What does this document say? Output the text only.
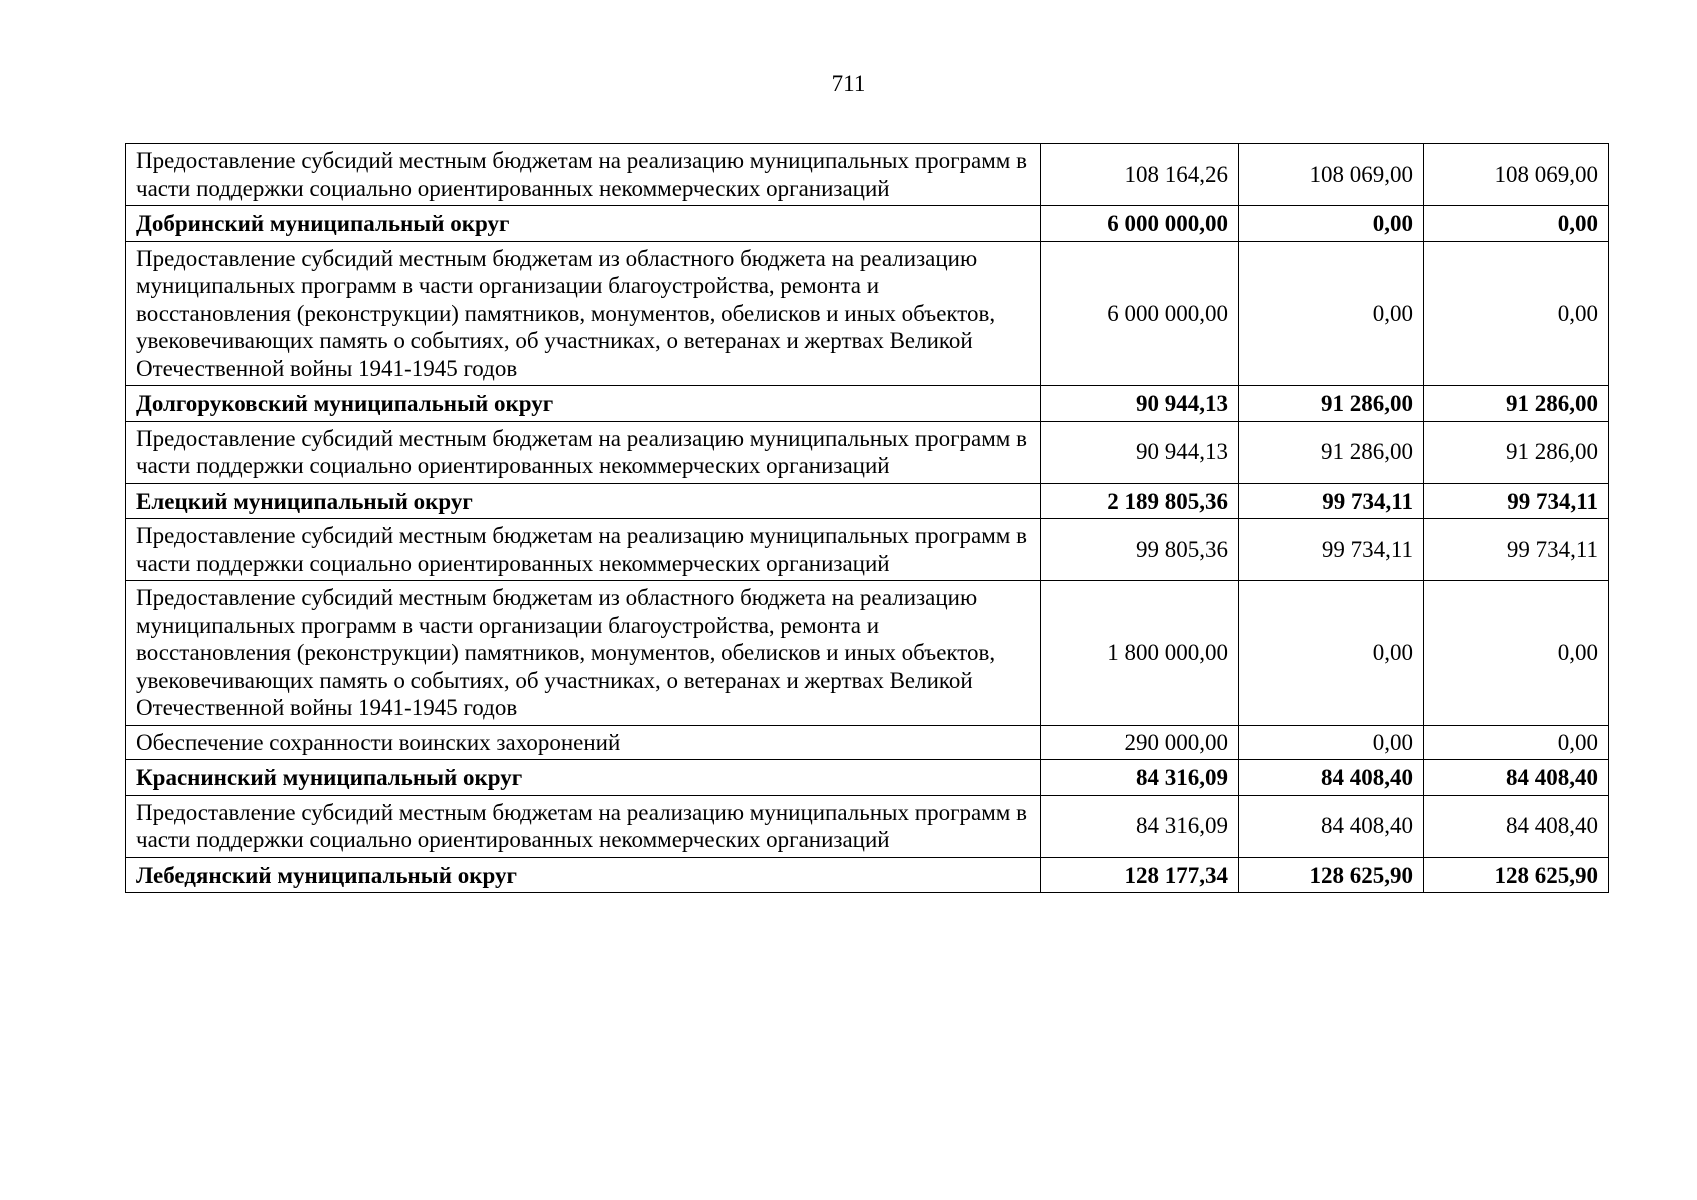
711
Предоставление субсидий местным бюджетам на реализацию муниципальных программ в части поддержки социально ориентированных некоммерческих организаций	108 164,26	108 069,00	108 069,00
Добринский муниципальный округ	6 000 000,00	0,00	0,00
Предоставление субсидий местным бюджетам из областного бюджета на реализацию муниципальных программ в части организации благоустройства, ремонта и восстановления (реконструкции) памятников, монументов, обелисков и иных объектов, увековечивающих память о событиях, об участниках, о ветеранах и жертвах Великой Отечественной войны 1941-1945 годов	6 000 000,00	0,00	0,00
Долгоруковский муниципальный округ	90 944,13	91 286,00	91 286,00
Предоставление субсидий местным бюджетам на реализацию муниципальных программ в части поддержки социально ориентированных некоммерческих организаций	90 944,13	91 286,00	91 286,00
Елецкий муниципальный округ	2 189 805,36	99 734,11	99 734,11
Предоставление субсидий местным бюджетам на реализацию муниципальных программ в части поддержки социально ориентированных некоммерческих организаций	99 805,36	99 734,11	99 734,11
Предоставление субсидий местным бюджетам из областного бюджета на реализацию муниципальных программ в части организации благоустройства, ремонта и восстановления (реконструкции) памятников, монументов, обелисков и иных объектов, увековечивающих память о событиях, об участниках, о ветеранах и жертвах Великой Отечественной войны 1941-1945 годов	1 800 000,00	0,00	0,00
Обеспечение сохранности воинских захоронений	290 000,00	0,00	0,00
Краснинский муниципальный округ	84 316,09	84 408,40	84 408,40
Предоставление субсидий местным бюджетам на реализацию муниципальных программ в части поддержки социально ориентированных некоммерческих организаций	84 316,09	84 408,40	84 408,40
Лебедянский муниципальный округ	128 177,34	128 625,90	128 625,90
